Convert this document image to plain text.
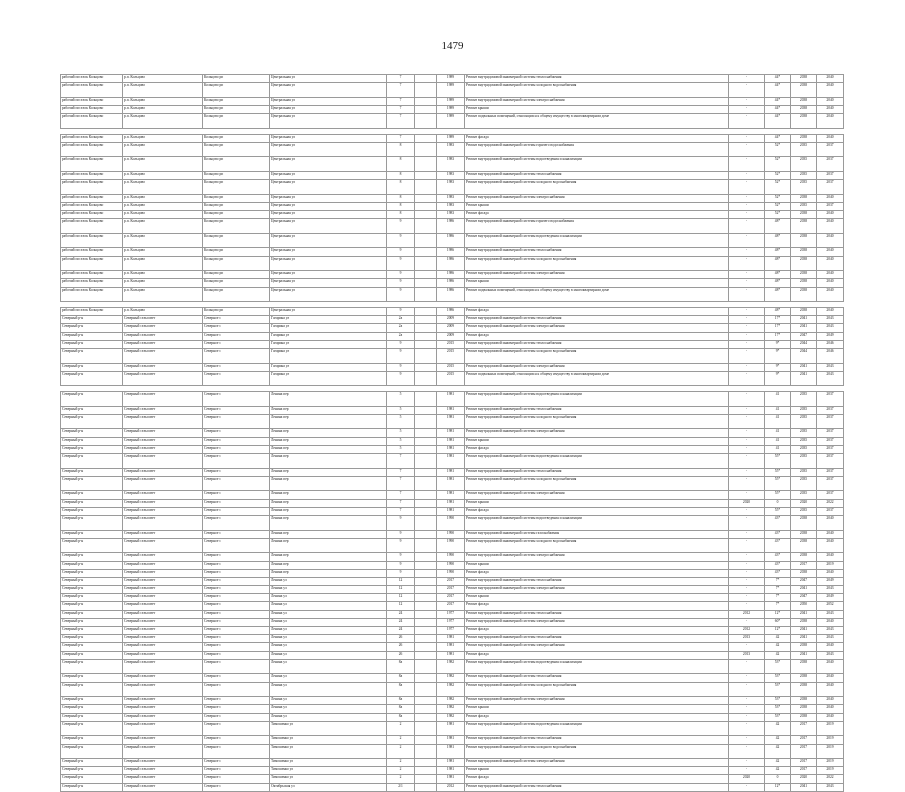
1479
рабочий поселок Кольцово	р.п. Кольцово	Кольцово рп	Центральная ул	7		1989	Ремонт внутридомовой инженерной системы теплоснабжения	-	44*	2038	2040
рабочий поселок Кольцово	р.п. Кольцово	Кольцово рп	Центральная ул	7		1989	Ремонт внутридомовой инженерной системы холодного водоснабжения	-	44*	2038	2040
рабочий поселок Кольцово	р.п. Кольцово	Кольцово рп	Центральная ул	7		1989	Ремонт внутридомовой инженерной системы электроснабжения	-	44*	2038	2040
рабочий поселок Кольцово	р.п. Кольцово	Кольцово рп	Центральная ул	7		1989	Ремонт крыши	-	44*	2038	2040
рабочий поселок Кольцово	р.п. Кольцово	Кольцово рп	Центральная ул	7		1989	Ремонт подвальных помещений, относящихся к общему имуществу в многоквартирном доме	-	44*	2038	2040

рабочий поселок Кольцово	р.п. Кольцово	Кольцово рп	Центральная ул	7		1989	Ремонт фасада	-	44*	2038	2040
рабочий поселок Кольцово	р.п. Кольцово	Кольцово рп	Центральная ул	8		1983	Ремонт внутридомовой инженерной системы горячего водоснабжения	-	52*	2035	2037
рабочий поселок Кольцово	р.п. Кольцово	Кольцово рп	Центральная ул	8		1983	Ремонт внутридомовой инженерной системы водоотведения и канализации	-	52*	2035	2037
рабочий поселок Кольцово	р.п. Кольцово	Кольцово рп	Центральная ул	8		1983	Ремонт внутридомовой инженерной системы теплоснабжения	-	52*	2035	2037
рабочий поселок Кольцово	р.п. Кольцово	Кольцово рп	Центральная ул	8		1983	Ремонт внутридомовой инженерной системы холодного водоснабжения	-	52*	2035	2037
рабочий поселок Кольцово	р.п. Кольцово	Кольцово рп	Центральная ул	8		1983	Ремонт внутридомовой инженерной системы электроснабжения	-	52*	2038	2040
рабочий поселок Кольцово	р.п. Кольцово	Кольцово рп	Центральная ул	8		1983	Ремонт крыши	-	52*	2035	2037
рабочий поселок Кольцово	р.п. Кольцово	Кольцово рп	Центральная ул	8		1983	Ремонт фасада	-	52*	2038	2040
рабочий поселок Кольцово	р.п. Кольцово	Кольцово рп	Центральная ул	9		1986	Ремонт внутридомовой инженерной системы горячего водоснабжения	-	48*	2038	2040
рабочий поселок Кольцово	р.п. Кольцово	Кольцово рп	Центральная ул	9		1986	Ремонт внутридомовой инженерной системы водоотведения и канализации	-	48*	2038	2040
рабочий поселок Кольцово	р.п. Кольцово	Кольцово рп	Центральная ул	9		1986	Ремонт внутридомовой инженерной системы теплоснабжения	-	48*	2038	2040
рабочий поселок Кольцово	р.п. Кольцово	Кольцово рп	Центральная ул	9		1986	Ремонт внутридомовой инженерной системы холодного водоснабжения	-	48*	2038	2040
рабочий поселок Кольцово	р.п. Кольцово	Кольцово рп	Центральная ул	9		1986	Ремонт внутридомовой инженерной системы электроснабжения	-	48*	2038	2040
рабочий поселок Кольцово	р.п. Кольцово	Кольцово рп	Центральная ул	9		1986	Ремонт крыши	-	48*	2038	2040
рабочий поселок Кольцово	р.п. Кольцово	Кольцово рп	Центральная ул	9		1986	Ремонт подвальных помещений, относящихся к общему имуществу в многоквартирном доме	-	48*	2038	2040

рабочий поселок Кольцово	р.п. Кольцово	Кольцово рп	Центральная ул	9		1986	Ремонт фасада	-	48*	2038	2040
Северный р-н	Северный сельсовет	Северное с	Гагарина ул	2а		2009	Ремонт внутридомовой инженерной системы теплоснабжения	-	17*	2041	2043
Северный р-н	Северный сельсовет	Северное с	Гагарина ул	2а		2009	Ремонт внутридомовой инженерной системы электроснабжения	-	17*	2041	2043
Северный р-н	Северный сельсовет	Северное с	Гагарина ул	2а		2009	Ремонт фасада	-	17*	2047	2049
Северный р-н	Северный сельсовет	Северное с	Гагарина ул	9		2015	Ремонт внутридомовой инженерной системы теплоснабжения	-	9*	2044	2046
Северный р-н	Северный сельсовет	Северное с	Гагарина ул	9		2015	Ремонт внутридомовой инженерной системы холодного водоснабжения	-	9*	2044	2046
Северный р-н	Северный сельсовет	Северное с	Гагарина ул	9		2015	Ремонт внутридомовой инженерной системы электроснабжения	-	9*	2041	2043
Северный р-н	Северный сельсовет	Северное с	Гагарина ул	9		2015	Ремонт подвальных помещений, относящихся к общему имуществу в многоквартирном доме	-	9*	2041	2043

Северный р-н	Северный сельсовет	Северное с	Ленина пер	5		1981	Ремонт внутридомовой инженерной системы водоотведения и канализации	-	41	2035	2037
Северный р-н	Северный сельсовет	Северное с	Ленина пер	5		1981	Ремонт внутридомовой инженерной системы теплоснабжения	-	41	2035	2037
Северный р-н	Северный сельсовет	Северное с	Ленина пер	5		1981	Ремонт внутридомовой инженерной системы холодного водоснабжения	-	41	2035	2037
Северный р-н	Северный сельсовет	Северное с	Ленина пер	5		1981	Ремонт внутридомовой инженерной системы электроснабжения	-	41	2035	2037
Северный р-н	Северный сельсовет	Северное с	Ленина пер	5		1981	Ремонт крыши	-	41	2035	2037
Северный р-н	Северный сельсовет	Северное с	Ленина пер	5		1981	Ремонт фасада	-	41	2035	2037
Северный р-н	Северный сельсовет	Северное с	Ленина пер	7		1981	Ремонт внутридомовой инженерной системы водоотведения и канализации	-	55*	2035	2037
Северный р-н	Северный сельсовет	Северное с	Ленина пер	7		1981	Ремонт внутридомовой инженерной системы теплоснабжения	-	55*	2035	2037
Северный р-н	Северный сельсовет	Северное с	Ленина пер	7		1981	Ремонт внутридомовой инженерной системы холодного водоснабжения	-	55*	2035	2037
Северный р-н	Северный сельсовет	Северное с	Ленина пер	7		1981	Ремонт внутридомовой инженерной системы электроснабжения	-	55*	2035	2037
Северный р-н	Северный сельсовет	Северное с	Ленина пер	7		1981	Ремонт крыши	2020	0	2020	2022
Северный р-н	Северный сельсовет	Северное с	Ленина пер	7		1981	Ремонт фасада	-	55*	2035	2037
Северный р-н	Северный сельсовет	Северное с	Ленина пер	9		1990	Ремонт внутридомовой инженерной системы водоотведения и канализации	-	43*	2038	2040
Северный р-н	Северный сельсовет	Северное с	Ленина пер	9		1990	Ремонт внутридомовой инженерной системы газоснабжения	-	43*	2038	2040
Северный р-н	Северный сельсовет	Северное с	Ленина пер	9		1990	Ремонт внутридомовой инженерной системы холодного водоснабжения	-	43*	2038	2040
Северный р-н	Северный сельсовет	Северное с	Ленина пер	9		1990	Ремонт внутридомовой инженерной системы электроснабжения	-	43*	2038	2040
Северный р-н	Северный сельсовет	Северное с	Ленина пер	9		1990	Ремонт крыши	-	43*	2017	2019
Северный р-н	Северный сельсовет	Северное с	Ленина пер	9		1990	Ремонт фасада	-	43*	2038	2040
Северный р-н	Северный сельсовет	Северное с	Ленина ул	12		2017	Ремонт внутридомовой инженерной системы теплоснабжения	-	7*	2047	2049
Северный р-н	Северный сельсовет	Северное с	Ленина ул	12		2017	Ремонт внутридомовой инженерной системы электроснабжения	-	7*	2041	2043
Северный р-н	Северный сельсовет	Северное с	Ленина ул	12		2017	Ремонт крыши	-	7*	2047	2049
Северный р-н	Северный сельсовет	Северное с	Ленина ул	12		2017	Ремонт фасада	-	7*	2050	2052
Северный р-н	Северный сельсовет	Северное с	Ленина ул	24		1977	Ремонт внутридомовой инженерной системы теплоснабжения	2012	12*	2041	2043
Северный р-н	Северный сельсовет	Северное с	Ленина ул	24		1977	Ремонт внутридомовой инженерной системы электроснабжения	-	60*	2038	2040
Северный р-н	Северный сельсовет	Северное с	Ленина ул	24		1977	Ремонт фасада	2012	12*	2041	2043
Северный р-н	Северный сельсовет	Северное с	Ленина ул	26		1981	Ремонт внутридомовой инженерной системы теплоснабжения	2013	42	2041	2043
Северный р-н	Северный сельсовет	Северное с	Ленина ул	26		1981	Ремонт внутридомовой инженерной системы электроснабжения	-	42	2038	2040
Северный р-н	Северный сельсовет	Северное с	Ленина ул	26		1981	Ремонт фасада	2013	42	2041	2043
Северный р-н	Северный сельсовет	Северное с	Ленина ул	8а		1982	Ремонт внутридомовой инженерной системы водоотведения и канализации	-	53*	2038	2040
Северный р-н	Северный сельсовет	Северное с	Ленина ул	8а		1982	Ремонт внутридомовой инженерной системы теплоснабжения	-	53*	2038	2040
Северный р-н	Северный сельсовет	Северное с	Ленина ул	8а		1982	Ремонт внутридомовой инженерной системы холодного водоснабжения	-	53*	2038	2040
Северный р-н	Северный сельсовет	Северное с	Ленина ул	8а		1982	Ремонт внутридомовой инженерной системы электроснабжения	-	53*	2038	2040
Северный р-н	Северный сельсовет	Северное с	Ленина ул	8а		1982	Ремонт крыши	-	53*	2038	2040
Северный р-н	Северный сельсовет	Северное с	Ленина ул	8а		1982	Ремонт фасада	-	53*	2038	2040
Северный р-н	Северный сельсовет	Северное с	Тимошенко ул	2		1981	Ремонт внутридомовой инженерной системы водоотведения и канализации	-	42	2017	2019
Северный р-н	Северный сельсовет	Северное с	Тимошенко ул	2		1981	Ремонт внутридомовой инженерной системы теплоснабжения	-	42	2017	2019
Северный р-н	Северный сельсовет	Северное с	Тимошенко ул	2		1981	Ремонт внутридомовой инженерной системы холодного водоснабжения	-	42	2017	2019
Северный р-н	Северный сельсовет	Северное с	Тимошенко ул	2		1981	Ремонт внутридомовой инженерной системы электроснабжения	-	42	2017	2019
Северный р-н	Северный сельсовет	Северное с	Тимошенко ул	2		1981	Ремонт крыши	-	42	2017	2019
Северный р-н	Северный сельсовет	Северное с	Тимошенко ул	2		1981	Ремонт фасада	2020	0	2020	2022
Северный р-н	Северный сельсовет	Северное с	Октябрьская ул	2/1		2012	Ремонт внутридомовой инженерной системы теплоснабжения	-	12*	2041	2043
